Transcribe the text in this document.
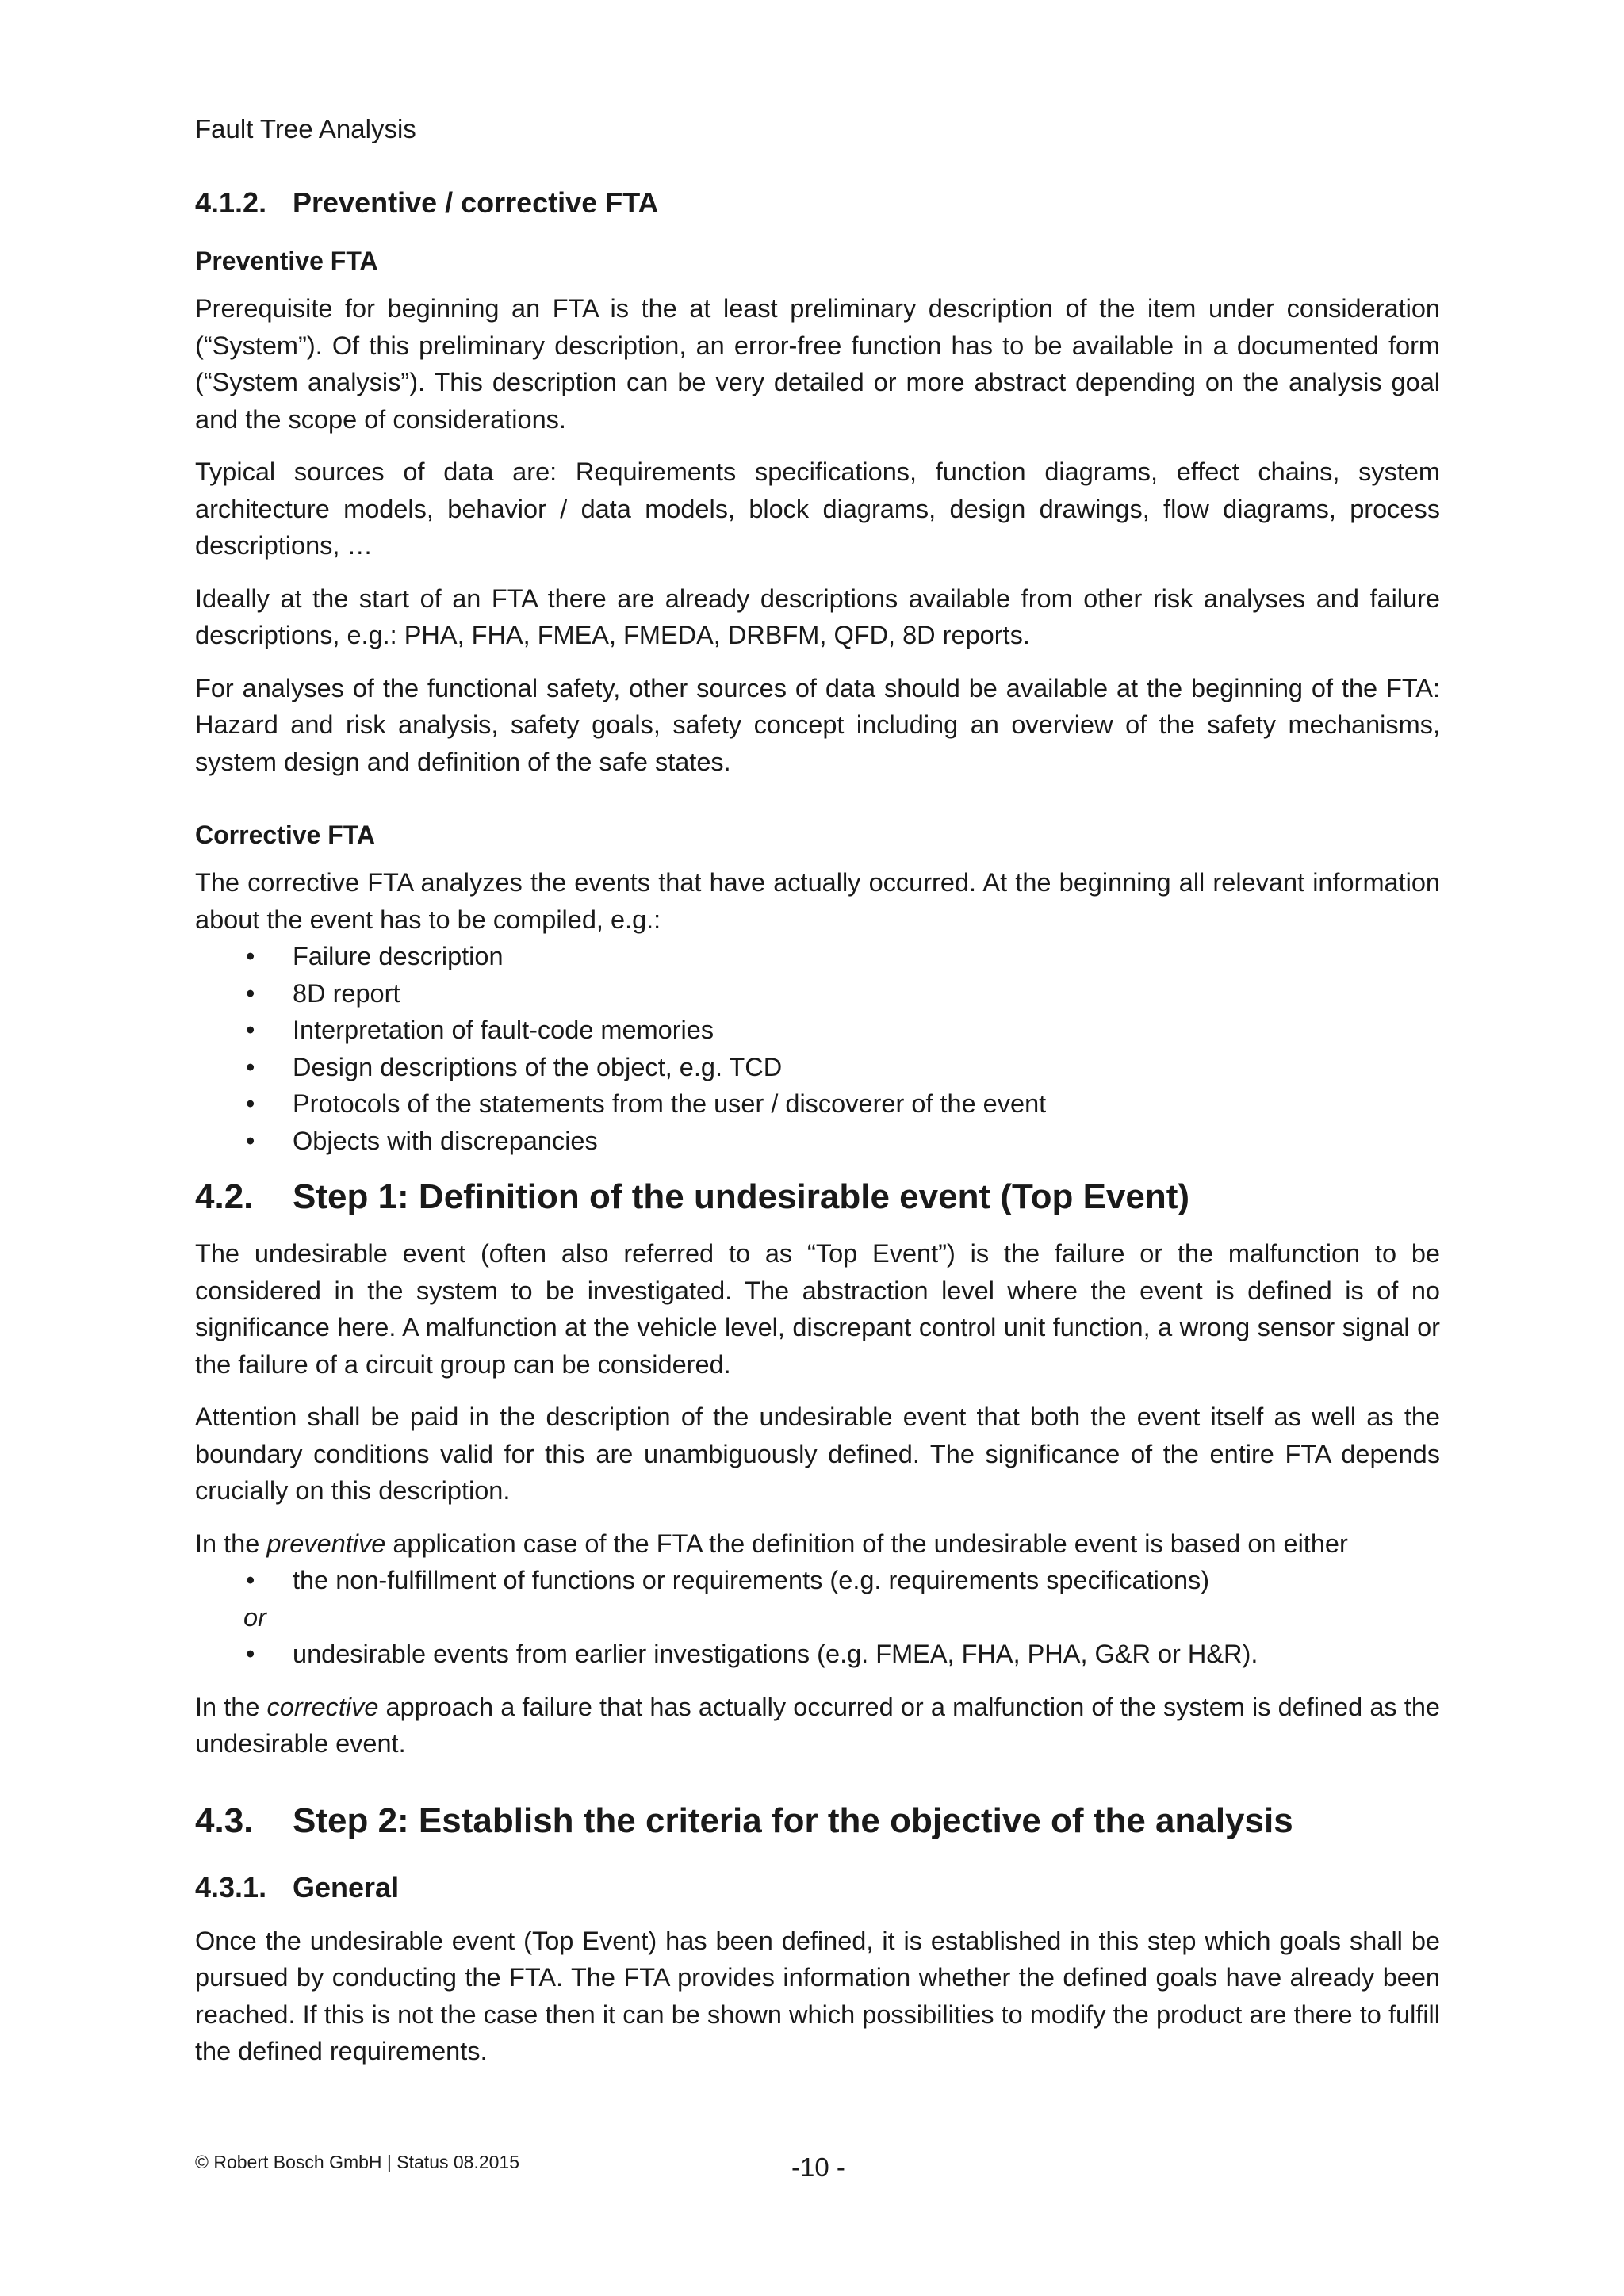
Fault Tree Analysis
4.1.2. Preventive / corrective FTA
Preventive FTA

Prerequisite for beginning an FTA is the at least preliminary description of the item under consideration (“System”). Of this preliminary description, an error-free function has to be available in a documented form (“System analysis”). This description can be very detailed or more abstract depending on the analysis goal and the scope of considerations.

Typical sources of data are: Requirements specifications, function diagrams, effect chains, system architecture models, behavior / data models, block diagrams, design drawings, flow diagrams, process descriptions, …

Ideally at the start of an FTA there are already descriptions available from other risk analyses and failure descriptions, e.g.: PHA, FHA, FMEA, FMEDA, DRBFM, QFD, 8D reports.

For analyses of the functional safety, other sources of data should be available at the beginning of the FTA: Hazard and risk analysis, safety goals, safety concept including an overview of the safety mechanisms, system design and definition of the safe states.

Corrective FTA

The corrective FTA analyzes the events that have actually occurred. At the beginning all relevant information about the event has to be compiled, e.g.:

• Failure description
• 8D report
• Interpretation of fault-code memories
• Design descriptions of the object, e.g. TCD
• Protocols of the statements from the user / discoverer of the event
• Objects with discrepancies
4.2. Step 1: Definition of the undesirable event (Top Event)

The undesirable event (often also referred to as “Top Event”) is the failure or the malfunction to be considered in the system to be investigated. The abstraction level where the event is defined is of no significance here. A malfunction at the vehicle level, discrepant control unit function, a wrong sensor signal or the failure of a circuit group can be considered.

Attention shall be paid in the description of the undesirable event that both the event itself as well as the boundary conditions valid for this are unambiguously defined. The significance of the entire FTA depends crucially on this description.

In the preventive application case of the FTA the definition of the undesirable event is based on either

• the non-fulfillment of functions or requirements (e.g. requirements specifications)
or
• undesirable events from earlier investigations (e.g. FMEA, FHA, PHA, G&R or H&R).

In the corrective approach a failure that has actually occurred or a malfunction of the system is defined as the undesirable event.

4.3. Step 2: Establish the criteria for the objective of the analysis
4.3.1. General

Once the undesirable event (Top Event) has been defined, it is established in this step which goals shall be pursued by conducting the FTA. The FTA provides information whether the defined goals have already been reached. If this is not the case then it can be shown which possibilities to modify the product are there to fulfill the defined requirements.

© Robert Bosch GmbH | Status 08.2015	-10 -
